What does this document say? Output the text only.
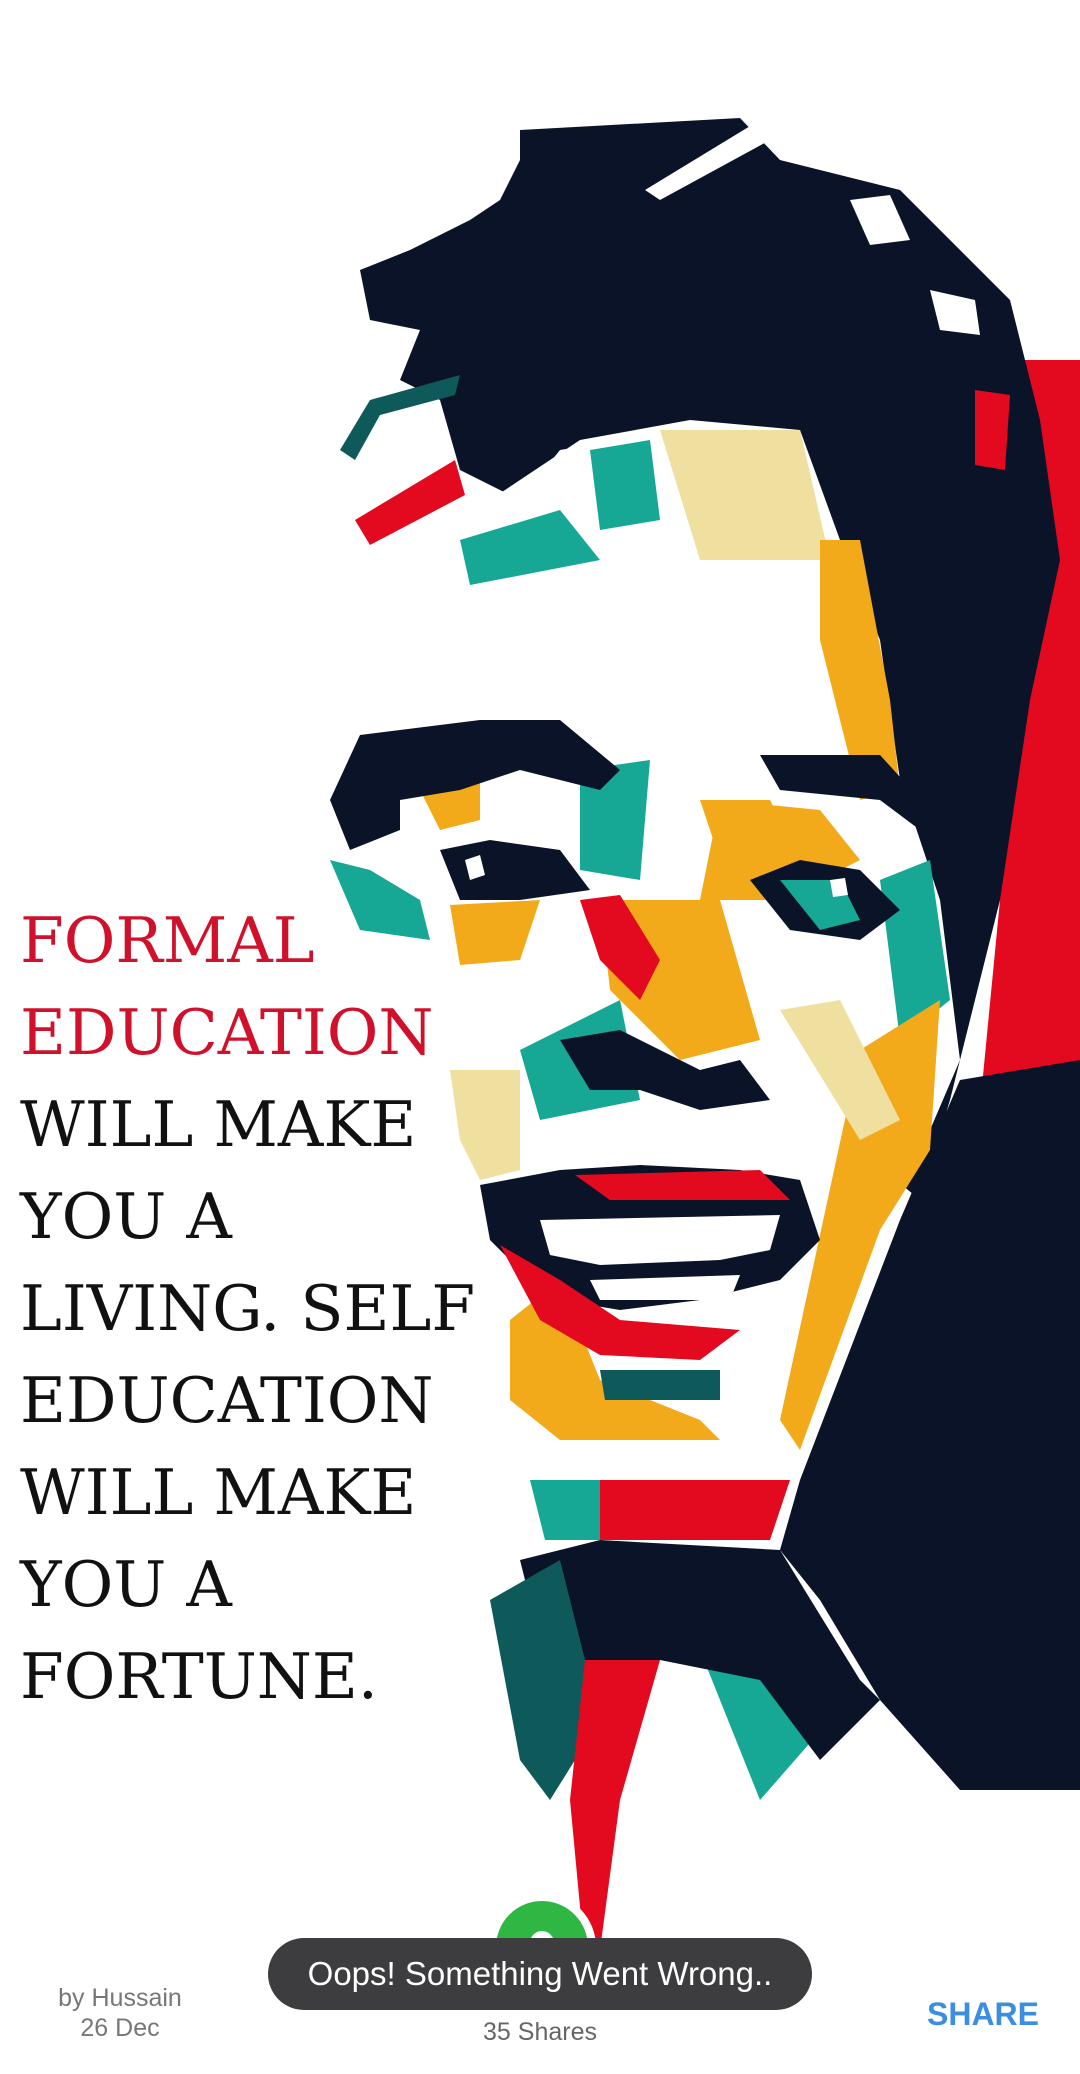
FORMAL
EDUCATION
WILL MAKE
YOU A
LIVING. SELF
EDUCATION
WILL MAKE
YOU A
FORTUNE.
by Hussain
26 Dec
Oops! Something Went Wrong..
35 Shares	SHARE
